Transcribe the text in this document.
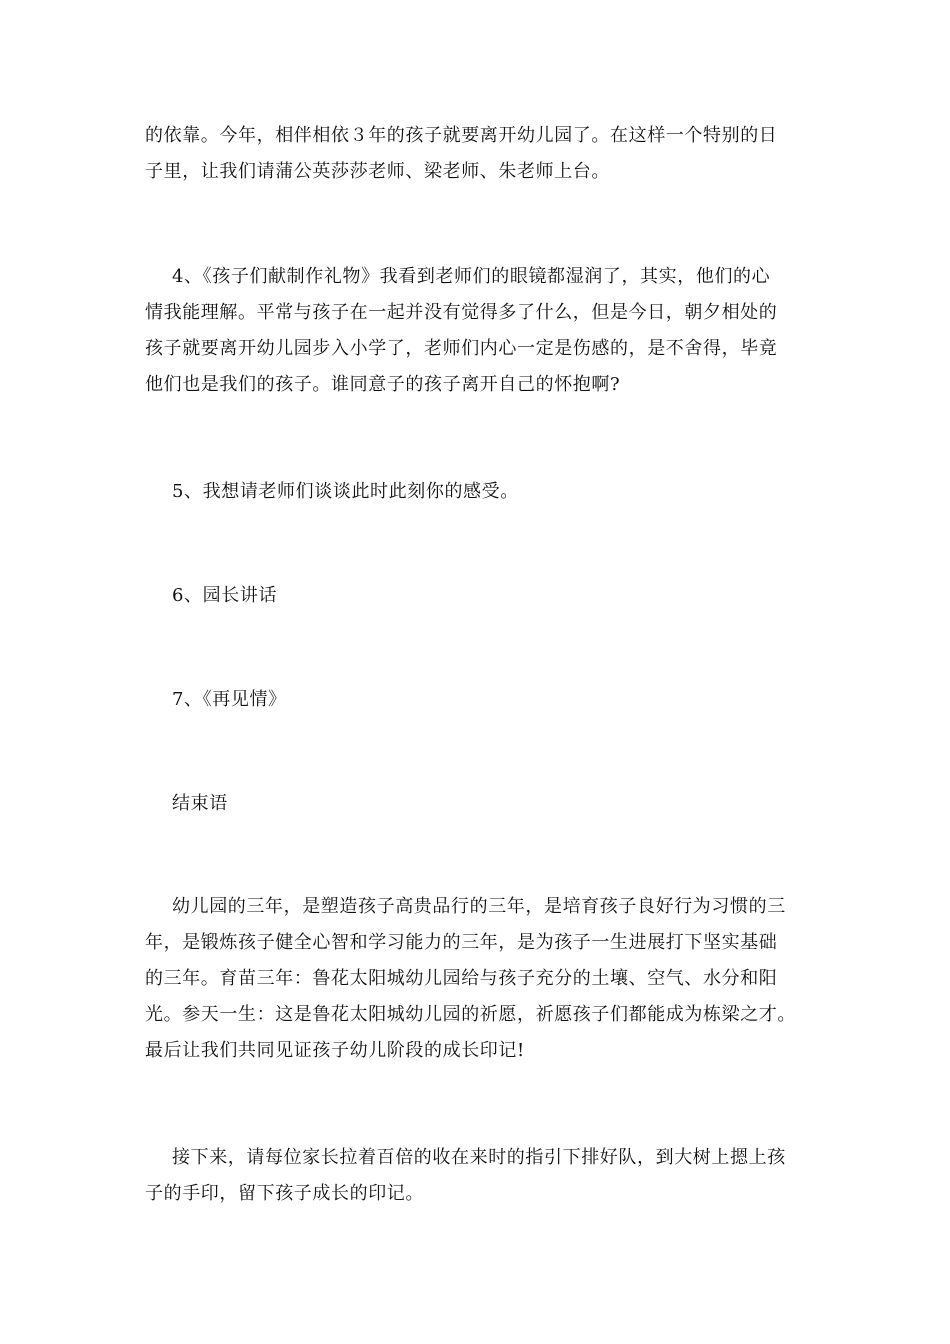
的依靠。今年，相伴相依３年的孩子就要离开幼儿园了。在这样一个特别的日
子里，让我们请蒲公英莎莎老师、梁老师、朱老师上台。
4、《孩子们献制作礼物》我看到老师们的眼镜都湿润了，其实，他们的心
情我能理解。平常与孩子在一起并没有觉得多了什么，但是今日，朝夕相处的
孩子就要离开幼儿园步入小学了，老师们内心一定是伤感的，是不舍得，毕竟
他们也是我们的孩子。谁同意子的孩子离开自己的怀抱啊?
5、我想请老师们谈谈此时此刻你的感受。
6、园长讲话
7、《再见情》
结束语
幼儿园的三年，是塑造孩子高贵品行的三年，是培育孩子良好行为习惯的三
年，是锻炼孩子健全心智和学习能力的三年，是为孩子一生进展打下坚实基础
的三年。育苗三年：鲁花太阳城幼儿园给与孩子充分的土壤、空气、水分和阳
光。参天一生：这是鲁花太阳城幼儿园的祈愿，祈愿孩子们都能成为栋梁之才。
最后让我们共同见证孩子幼儿阶段的成长印记!
接下来，请每位家长拉着百倍的收在来时的指引下排好队，到大树上摁上孩
子的手印，留下孩子成长的印记。
